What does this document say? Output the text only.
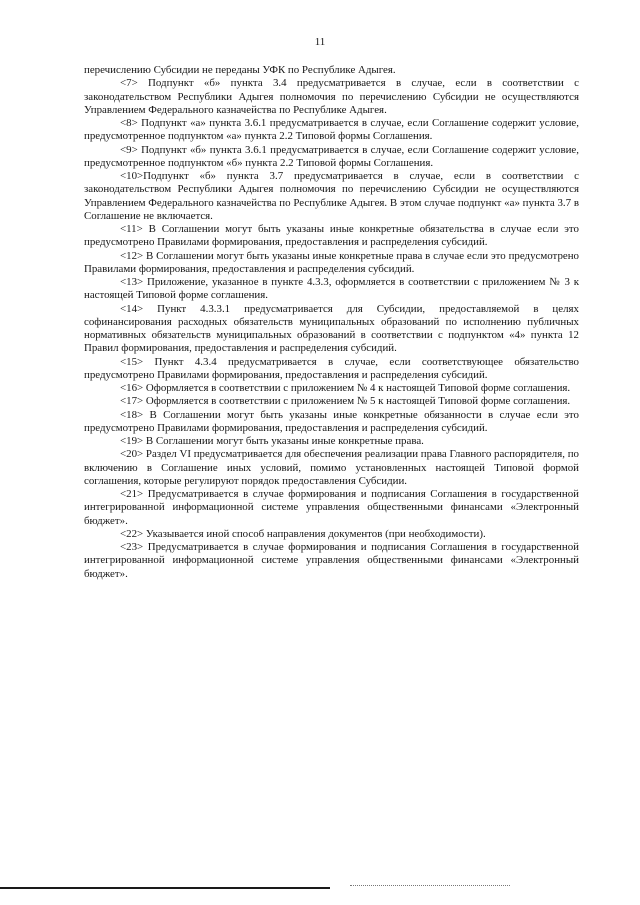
11

перечислению Субсидии не переданы УФК по Республике Адыгея.

<7> Подпункт «б» пункта 3.4 предусматривается в случае, если в соответствии с законодательством Республики Адыгея полномочия по перечислению Субсидии не осуществляются Управлением Федерального казначейства по Республике Адыгея.

<8> Подпункт «а» пункта 3.6.1 предусматривается в случае, если Соглашение содержит условие, предусмотренное подпунктом «а» пункта 2.2 Типовой формы Соглашения.

<9> Подпункт «б» пункта 3.6.1 предусматривается в случае, если Соглашение содержит условие, предусмотренное подпунктом «б» пункта 2.2 Типовой формы Соглашения.

<10>Подпункт «б» пункта 3.7 предусматривается в случае, если в соответствии с законодательством Республики Адыгея полномочия по перечислению Субсидии не осуществляются Управлением Федерального казначейства по Республике Адыгея. В этом случае подпункт «а» пункта 3.7 в Соглашение не включается.

<11> В Соглашении могут быть указаны иные конкретные обязательства в случае если это предусмотрено Правилами формирования, предоставления и распределения субсидий.

<12> В Соглашении могут быть указаны иные конкретные права в случае если это предусмотрено Правилами формирования, предоставления и распределения субсидий.

<13> Приложение, указанное в пункте 4.3.3, оформляется в соответствии с приложением № 3 к настоящей Типовой форме соглашения.

<14> Пункт 4.3.3.1 предусматривается для Субсидии, предоставляемой в целях софинансирования расходных обязательств муниципальных образований по исполнению публичных нормативных обязательств муниципальных образований в соответствии с подпунктом «4» пункта 12 Правил формирования, предоставления и распределения субсидий.

<15> Пункт 4.3.4 предусматривается в случае, если соответствующее обязательство предусмотрено Правилами формирования, предоставления и распределения субсидий.

<16> Оформляется в соответствии с приложением № 4 к настоящей Типовой форме соглашения.

<17> Оформляется в соответствии с приложением № 5 к настоящей Типовой форме соглашения.

<18> В Соглашении могут быть указаны иные конкретные обязанности в случае если это предусмотрено Правилами формирования, предоставления и распределения субсидий.

<19> В Соглашении могут быть указаны иные конкретные права.

<20> Раздел VI предусматривается для обеспечения реализации права Главного распорядителя, по включению в Соглашение иных условий, помимо установленных настоящей Типовой формой соглашения, которые регулируют порядок предоставления Субсидии.

<21> Предусматривается в случае формирования и подписания Соглашения в государственной интегрированной информационной системе управления общественными финансами «Электронный бюджет».

<22> Указывается иной способ направления документов (при необходимости).

<23> Предусматривается в случае формирования и подписания Соглашения в государственной интегрированной информационной системе управления общественными финансами «Электронный бюджет».
